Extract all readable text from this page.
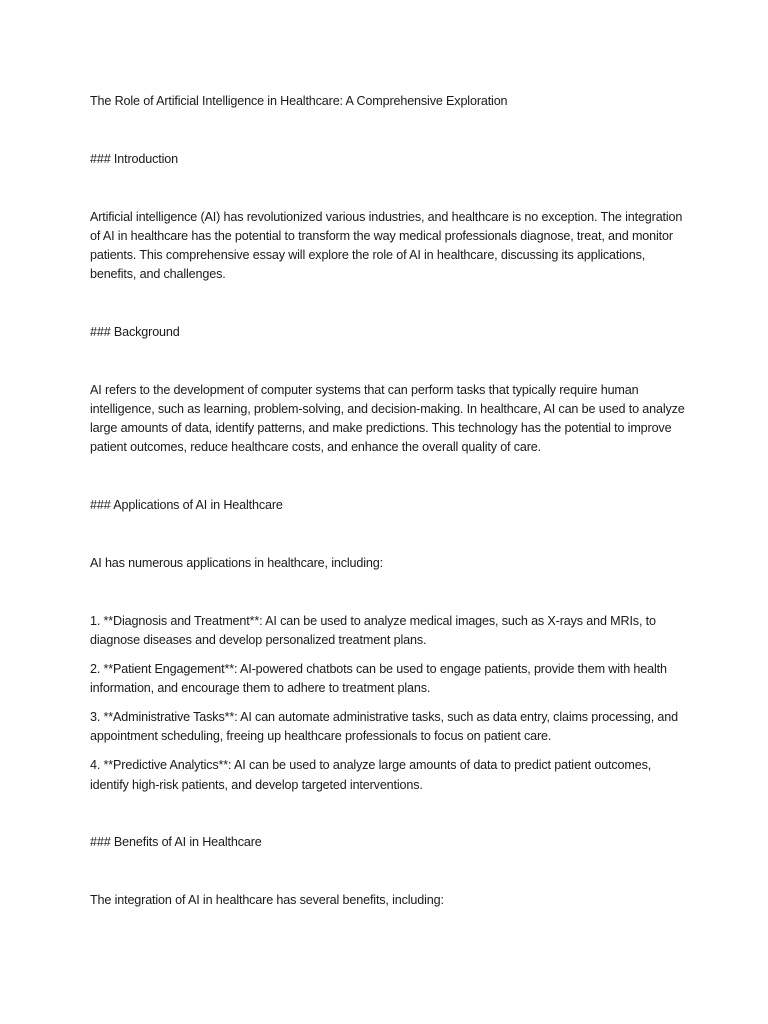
The Role of Artificial Intelligence in Healthcare: A Comprehensive Exploration

### Introduction

Artificial intelligence (AI) has revolutionized various industries, and healthcare is no exception. The integration of AI in healthcare has the potential to transform the way medical professionals diagnose, treat, and monitor patients. This comprehensive essay will explore the role of AI in healthcare, discussing its applications, benefits, and challenges.

### Background

AI refers to the development of computer systems that can perform tasks that typically require human intelligence, such as learning, problem-solving, and decision-making. In healthcare, AI can be used to analyze large amounts of data, identify patterns, and make predictions. This technology has the potential to improve patient outcomes, reduce healthcare costs, and enhance the overall quality of care.

### Applications of AI in Healthcare

AI has numerous applications in healthcare, including:

1. **Diagnosis and Treatment**: AI can be used to analyze medical images, such as X-rays and MRIs, to diagnose diseases and develop personalized treatment plans.

2. **Patient Engagement**: AI-powered chatbots can be used to engage patients, provide them with health information, and encourage them to adhere to treatment plans.

3. **Administrative Tasks**: AI can automate administrative tasks, such as data entry, claims processing, and appointment scheduling, freeing up healthcare professionals to focus on patient care.

4. **Predictive Analytics**: AI can be used to analyze large amounts of data to predict patient outcomes, identify high-risk patients, and develop targeted interventions.

### Benefits of AI in Healthcare

The integration of AI in healthcare has several benefits, including:
